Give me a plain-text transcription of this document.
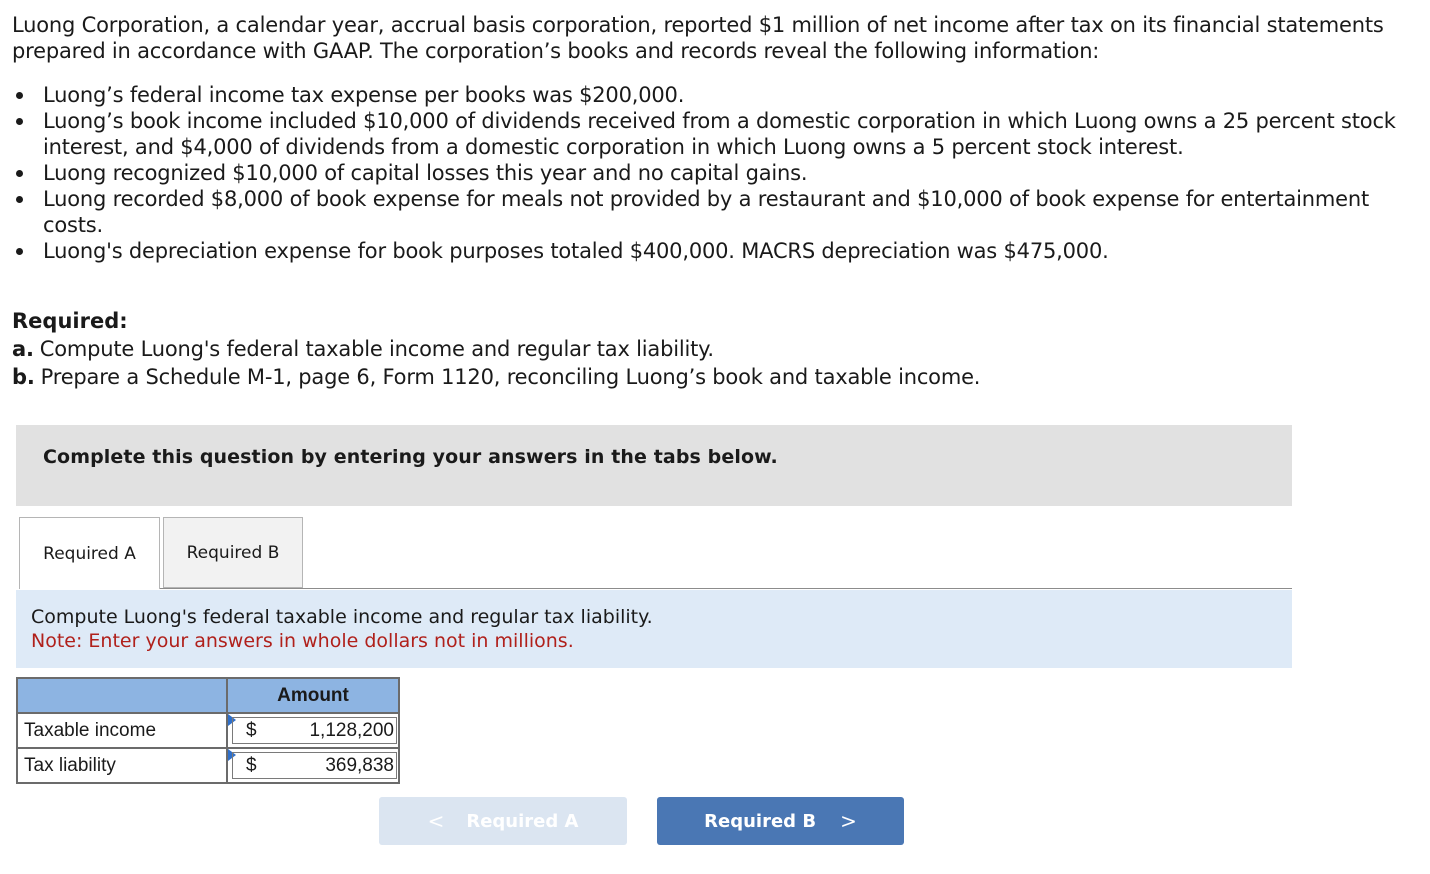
Luong Corporation, a calendar year, accrual basis corporation, reported $1 million of net income after tax on its financial statements prepared in accordance with GAAP. The corporation’s books and records reveal the following information:

Luong’s federal income tax expense per books was $200,000.
Luong’s book income included $10,000 of dividends received from a domestic corporation in which Luong owns a 25 percent stock interest, and $4,000 of dividends from a domestic corporation in which Luong owns a 5 percent stock interest.
Luong recognized $10,000 of capital losses this year and no capital gains.
Luong recorded $8,000 of book expense for meals not provided by a restaurant and $10,000 of book expense for entertainment costs.
Luong's depreciation expense for book purposes totaled $400,000. MACRS depreciation was $475,000.
Required:
a. Compute Luong's federal taxable income and regular tax liability.
b. Prepare a Schedule M-1, page 6, Form 1120, reconciling Luong’s book and taxable income.
Complete this question by entering your answers in the tabs below.
Required A	Required B
Compute Luong's federal taxable income and regular tax liability.
Note: Enter your answers in whole dollars not in millions.
	Amount
Taxable income	$ 1,128,200

Tax liability	$ 369,838
< Required A	Required B >
